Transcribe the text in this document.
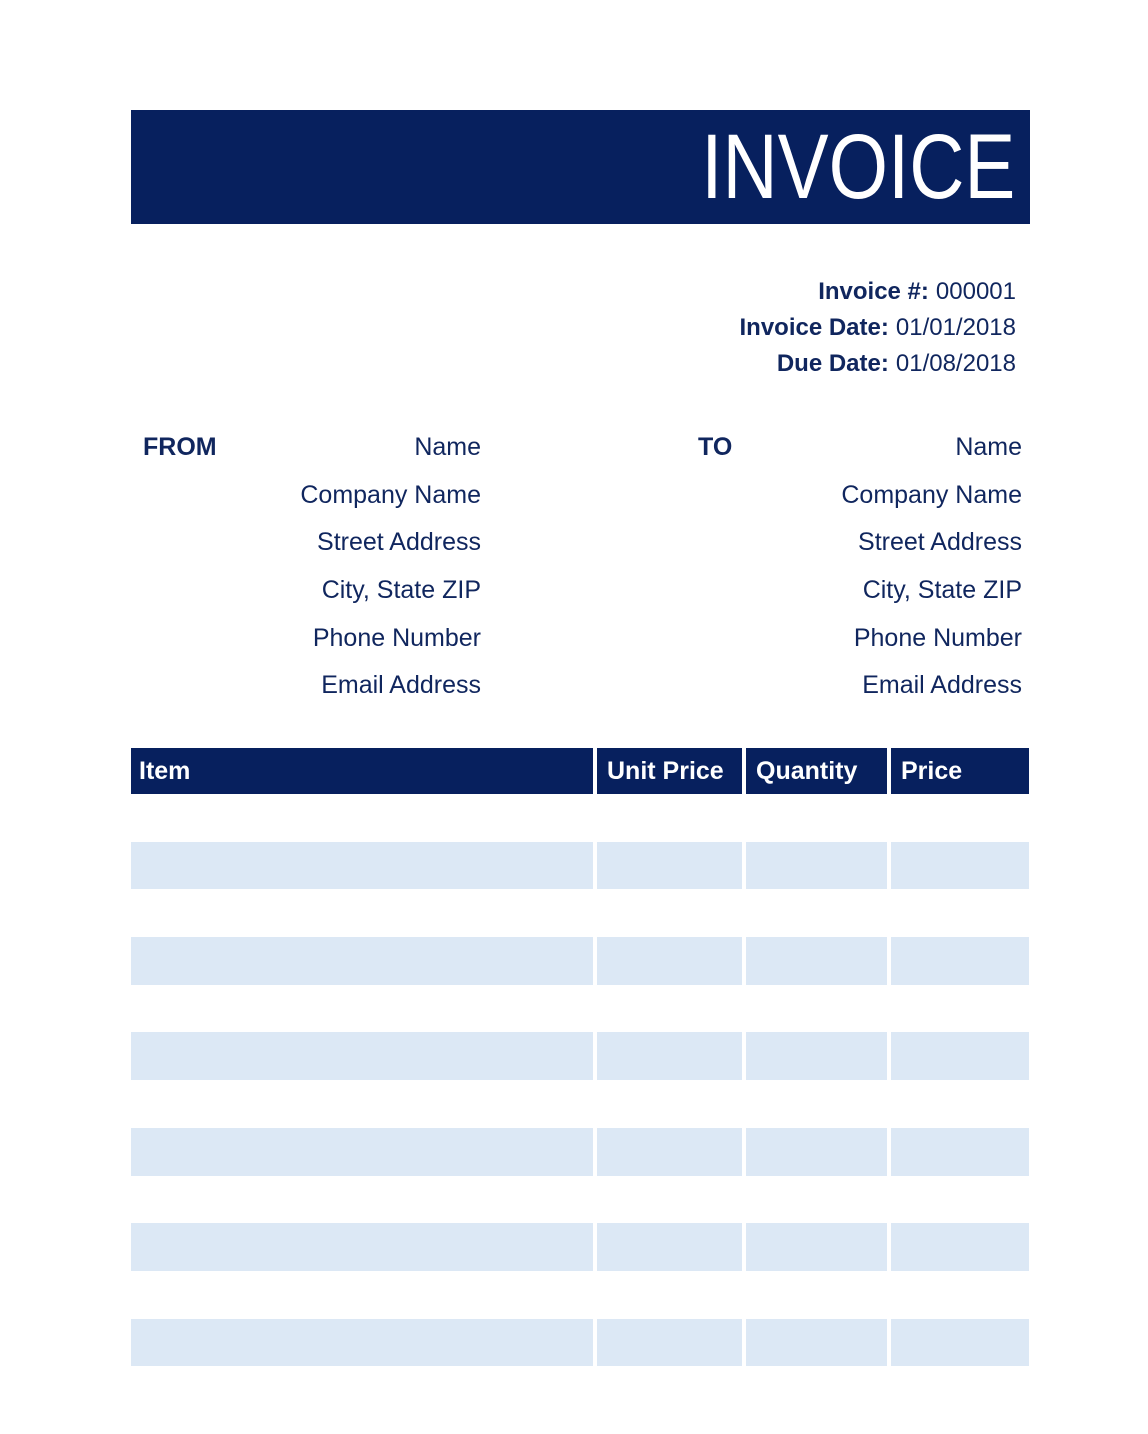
INVOICE
Invoice #: 000001
Invoice Date: 01/01/2018
Due Date: 01/08/2018
FROM	Name
Company Name
Street Address
City, State ZIP
Phone Number
Email Address
TO	Name
Company Name
Street Address
City, State ZIP
Phone Number
Email Address
Item	Unit Price	Quantity	Price
